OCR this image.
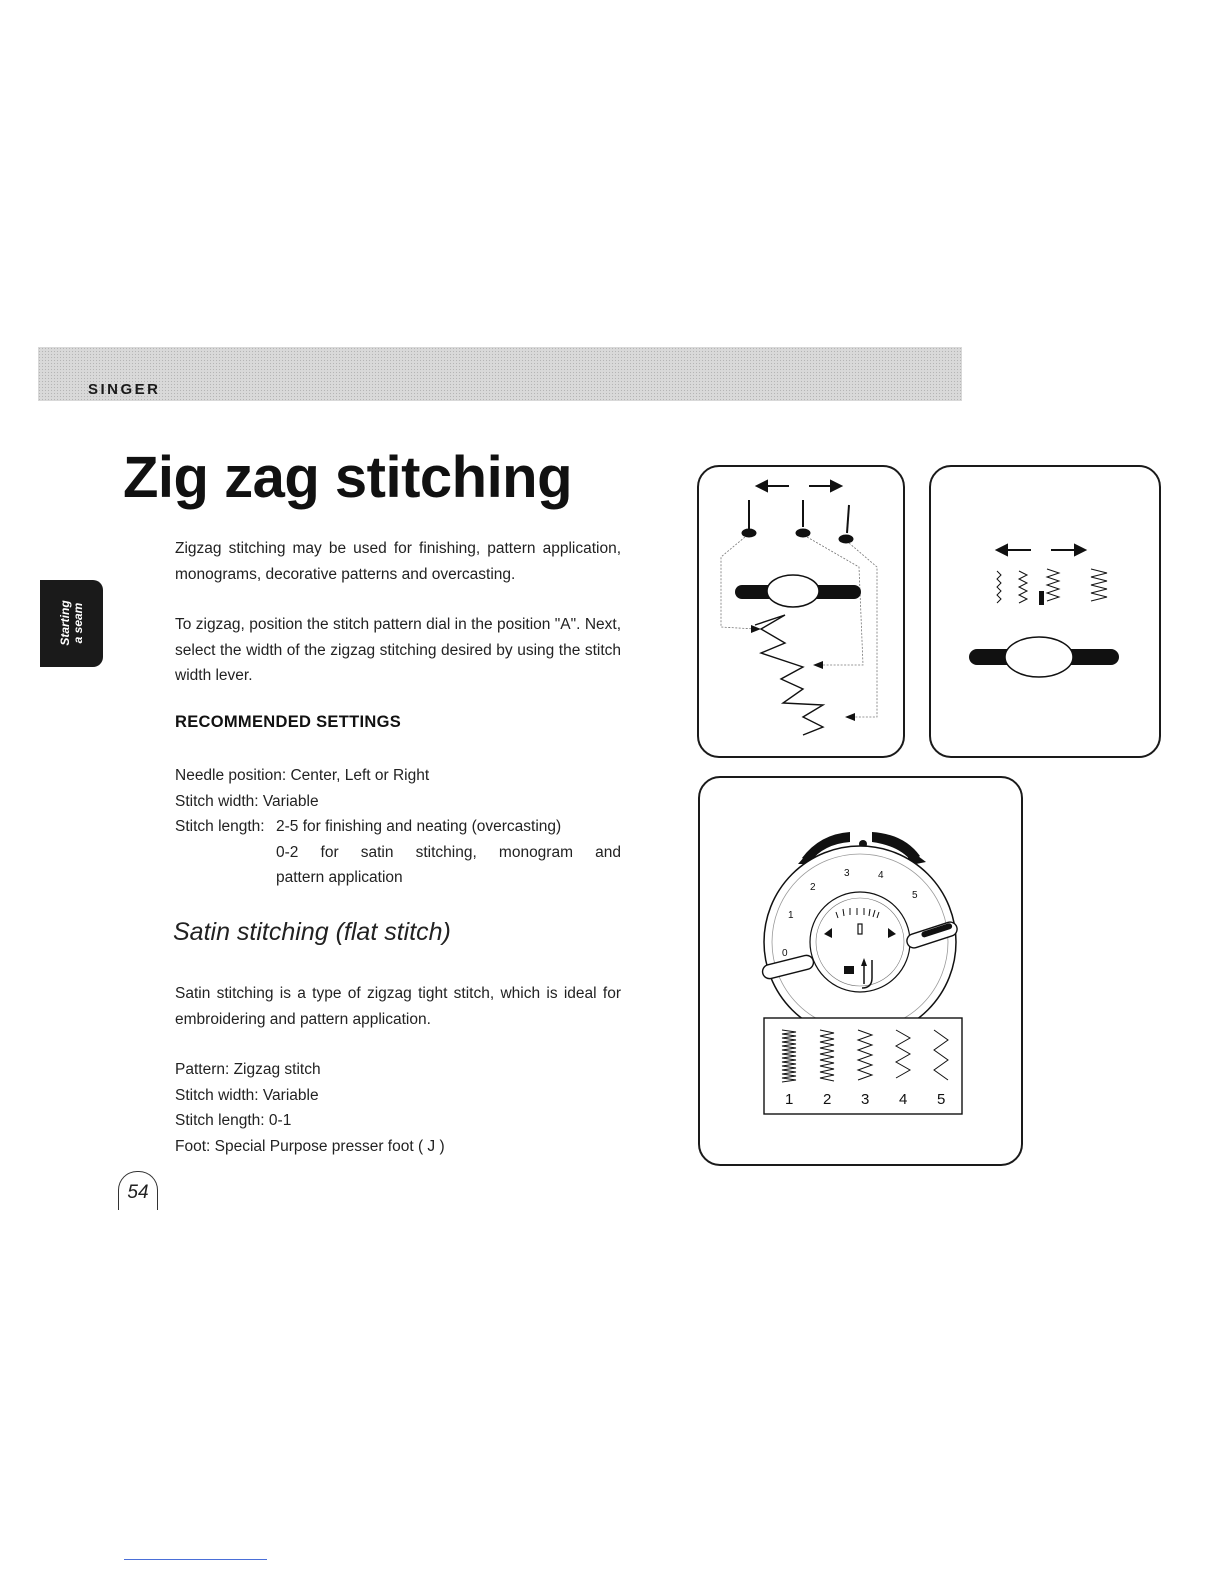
SINGER
Starting a seam
Zig zag stitching

Zigzag stitching may be used for finishing, pattern application, monograms, decorative patterns and overcasting.

To zigzag, position the stitch pattern dial in the position "A". Next, select the width of the zigzag stitching desired by using the stitch width lever.

RECOMMENDED SETTINGS
Needle position: Center, Left or Right
Stitch width: Variable
Stitch length: 2-5 for finishing and neating (overcasting)
0-2 for satin stitching, monogram and
pattern application
Satin stitching (flat stitch)

Satin stitching is a type of zigzag tight stitch, which is ideal for embroidering and pattern application.

Pattern: Zigzag stitch
Stitch width: Variable
Stitch length: 0-1
Foot: Special Purpose presser foot ( J )
54
0
1
2
3	4
5
1 2 3 4 5
